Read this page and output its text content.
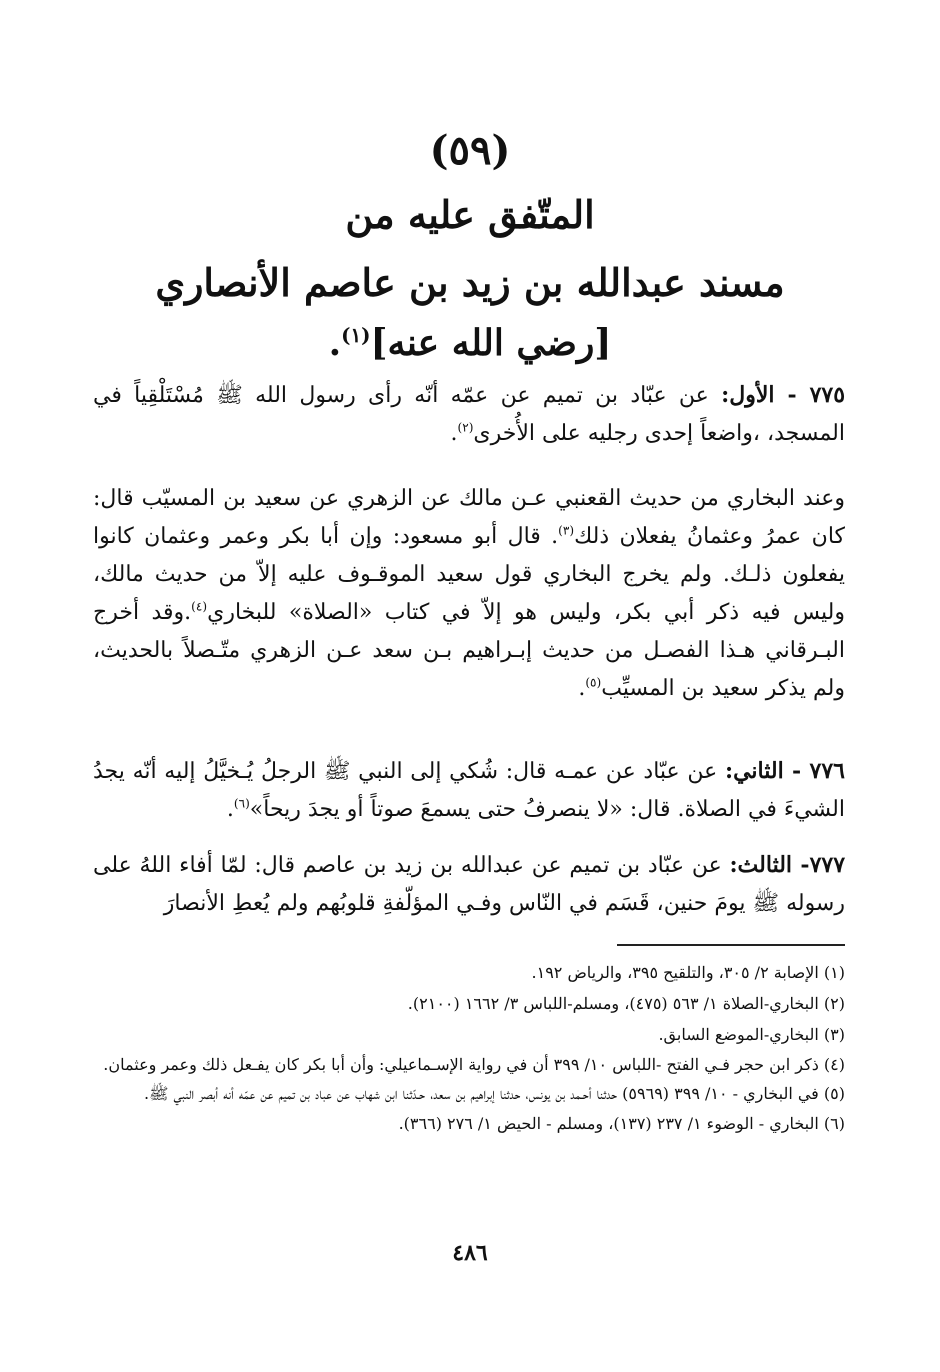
(٥٩)
المتّفق عليه من
مسند عبدالله بن زيد بن عاصم الأنصاري
[رضي الله عنه]$^{(١)}$.
٧٧٥ - الأول: عن عبّاد بن تميم عن عمّه أنّه رأى رسول الله ﷺ مُسْتَلْقِياً في المسجد، ،واضعاً إحدى رجليه على الأُخرى$^{(٢)}$.
وعند البخاري من حديث القعنبي عـن مالك عن الزهري عن سعيد بن المسيّب قال: كان عمرُ وعثمانُ يفعلان ذلك$^{(٣)}$. قال أبو مسعود: وإن أبا بكر وعمر وعثمان كانوا يفعلون ذلـك. ولم يخرج البخاري قول سعيد الموقـوف عليه إلاّ من حديث مالك، وليس فيه ذكر أبي بكر، وليس هو إلاّ في كتاب «الصلاة» للبخاري$^{(٤)}$.وقد أخرج البـرقاني هـذا الفصـل من حديث إبـراهيم بـن سعد عـن الزهري متّـصلاً بالحديث، ولم يذكر سعيد بن المسيِّب$^{(٥)}$.
٧٧٦ - الثاني: عن عبّاد عن عمـه قال: شُكي إلى النبي ﷺ الرجلُ يُـخيَّلُ إليه أنّه يجدُ الشيءَ في الصلاة. قال: «لا ينصرفُ حتى يسمعَ صوتاً أو يجدَ ريحاً»$^{(٦)}$.
٧٧٧- الثالث: عن عبّاد بن تميم عن عبدالله بن زيد بن عاصم قال: لمّا أفاء اللهُ على رسوله ﷺ يومَ حنين، قَسَم في النّاس وفـي المؤلّفةِ قلوبُهم ولم يُعطِ الأنصارَ
(١) الإصابة ٢/ ٣٠٥، والتلقيح ٣٩٥، والرياض ١٩٢.
(٢) البخاري-الصلاة ١/ ٥٦٣ (٤٧٥)، ومسلم-اللباس ٣/ ١٦٦٢ (٢١٠٠).
(٣) البخاري-الموضع السابق.
(٤) ذكر ابن حجر فـي الفتح -اللباس ١٠/ ٣٩٩ أن في رواية الإسـماعيلي: وأن أبا بكر كان يفـعل ذلك وعمر وعثمان.
(٥) في البخاري - ١٠/ ٣٩٩ (٥٩٦٩) حدثنا أحـمد بن يونس، حدثنا إبراهيم بن سعد، حـدّثنا ابن شهاب عن عباد بن تميم عن عمّه أنه أبصر النبي ﷺ.
(٦) البخاري - الوضوء ١/ ٢٣٧ (١٣٧)، ومسلم - الحيض ١/ ٢٧٦ (٣٦٦).
٤٨٦
